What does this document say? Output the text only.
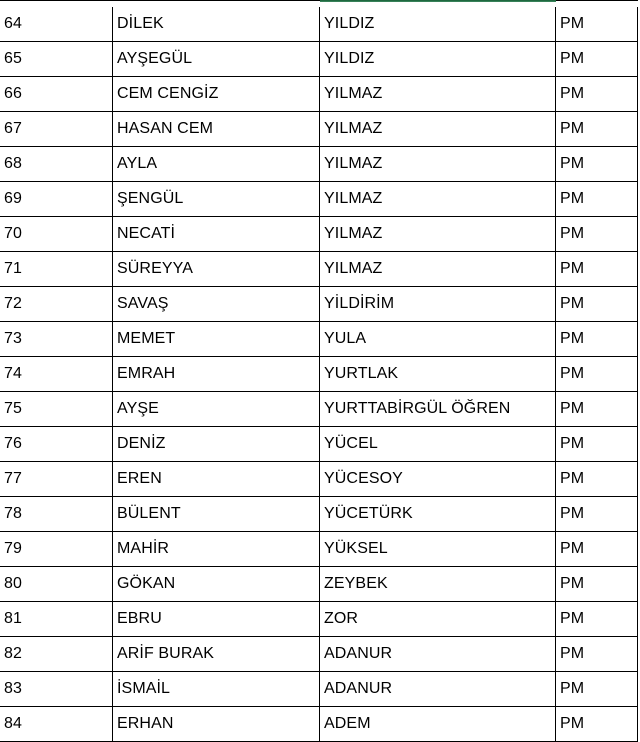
64	DİLEK	YILDIZ	PM
65	AYŞEGÜL	YILDIZ	PM
66	CEM CENGİZ	YILMAZ	PM
67	HASAN CEM	YILMAZ	PM
68	AYLA	YILMAZ	PM
69	ŞENGÜL	YILMAZ	PM
70	NECATİ	YILMAZ	PM
71	SÜREYYA	YILMAZ	PM
72	SAVAŞ	YİLDİRİM	PM
73	MEMET	YULA	PM
74	EMRAH	YURTLAK	PM
75	AYŞE	YURTTABİRGÜL ÖĞREN	PM
76	DENİZ	YÜCEL	PM
77	EREN	YÜCESOY	PM
78	BÜLENT	YÜCETÜRK	PM
79	MAHİR	YÜKSEL	PM
80	GÖKAN	ZEYBEK	PM
81	EBRU	ZOR	PM
82	ARİF BURAK	ADANUR	PM
83	İSMAİL	ADANUR	PM
84	ERHAN	ADEM	PM
